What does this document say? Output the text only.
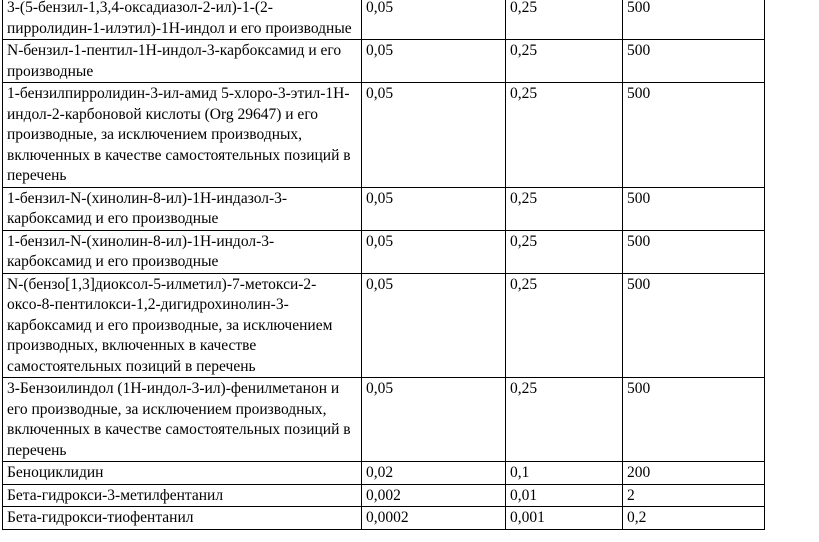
3-(5-бензил-1,3,4-оксадиазол-2-ил)-1-(2-пирролидин-1-илэтил)-1Н-индол и его производные	0,05	0,25	500
N-бензил-1-пентил-1Н-индол-3-карбоксамид и его производные	0,05	0,25	500
1-бензилпирролидин-3-ил-амид 5-хлоро-3-этил-1Н-индол-2-карбоновой кислоты (Org 29647) и его производные, за исключением производных, включенных в качестве самостоятельных позиций в перечень	0,05	0,25	500
1-бензил-N-(хинолин-8-ил)-1Н-индазол-3-карбоксамид и его производные	0,05	0,25	500
1-бензил-N-(хинолин-8-ил)-1Н-индол-3-карбоксамид и его производные	0,05	0,25	500
N-(бензо[1,3]диоксол-5-илметил)-7-метокси-2-оксо-8-пентилокси-1,2-дигидрохинолин-3-карбоксамид и его производные, за исключением производных, включенных в качестве самостоятельных позиций в перечень	0,05	0,25	500
3-Бензоилиндол (1Н-индол-3-ил)-фенилметанон и его производные, за исключением производных, включенных в качестве самостоятельных позиций в перечень	0,05	0,25	500
Беноциклидин	0,02	0,1	200
Бета-гидрокси-3-метилфентанил	0,002	0,01	2
Бета-гидрокси-тиофентанил	0,0002	0,001	0,2
